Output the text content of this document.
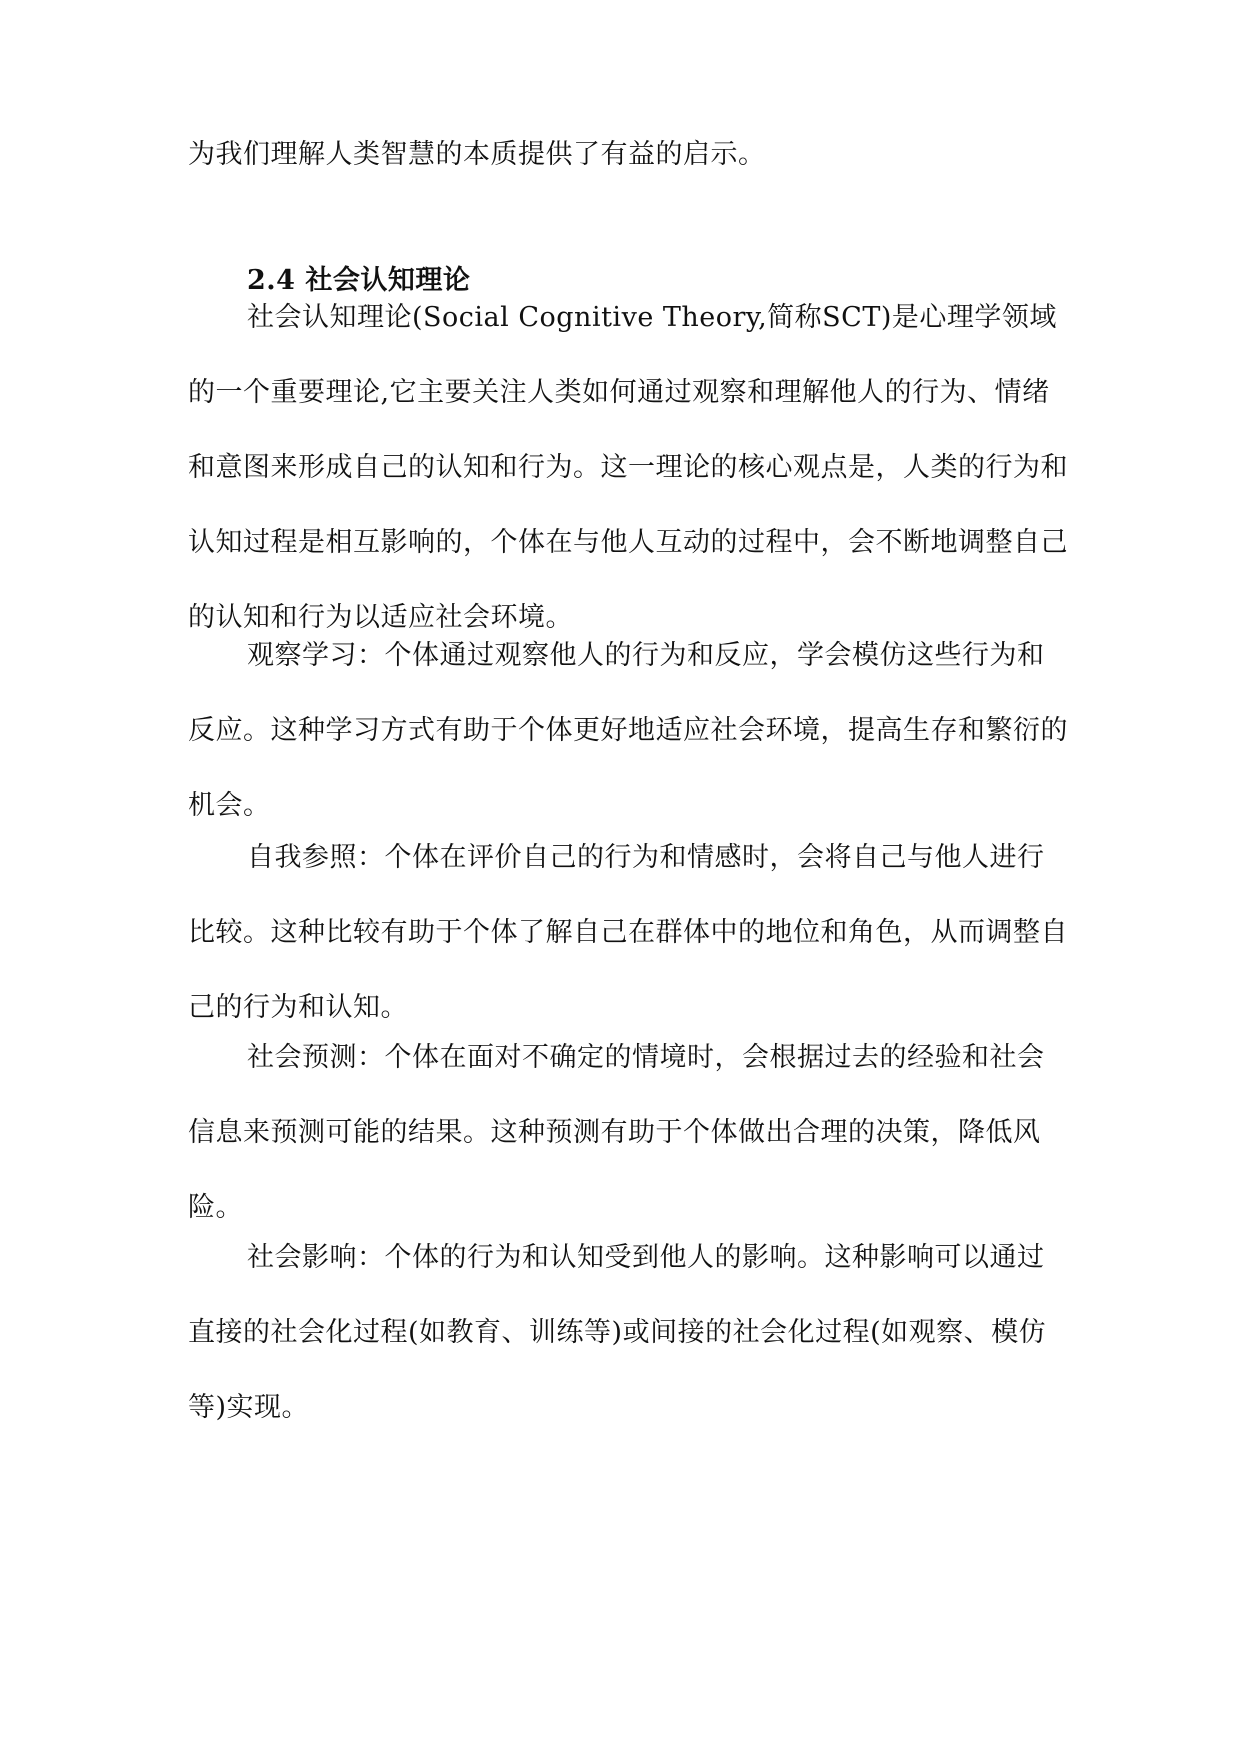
为我们理解人类智慧的本质提供了有益的启示。

2.4 社会认知理论

社会认知理论(Social Cognitive Theory,简称SCT)是心理学领域的一个重要理论,它主要关注人类如何通过观察和理解他人的行为、情绪和意图来形成自己的认知和行为。这一理论的核心观点是，人类的行为和认知过程是相互影响的，个体在与他人互动的过程中，会不断地调整自己的认知和行为以适应社会环境。

观察学习：个体通过观察他人的行为和反应，学会模仿这些行为和反应。这种学习方式有助于个体更好地适应社会环境，提高生存和繁衍的机会。

自我参照：个体在评价自己的行为和情感时，会将自己与他人进行比较。这种比较有助于个体了解自己在群体中的地位和角色，从而调整自己的行为和认知。

社会预测：个体在面对不确定的情境时，会根据过去的经验和社会信息来预测可能的结果。这种预测有助于个体做出合理的决策，降低风险。

社会影响：个体的行为和认知受到他人的影响。这种影响可以通过直接的社会化过程(如教育、训练等)或间接的社会化过程(如观察、模仿等)实现。
